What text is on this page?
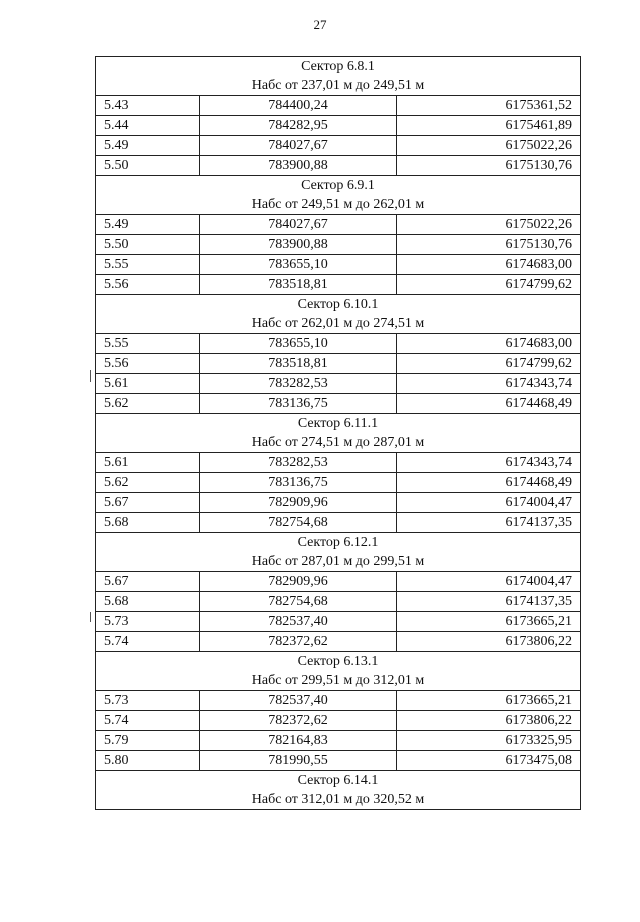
27
Сектор 6.8.1
Набс от 237,01 м до 249,51 м		

5.43	784400,24	6175361,52
5.44	784282,95	6175461,89
5.49	784027,67	6175022,26
5.50	783900,88	6175130,76

Сектор 6.9.1
Набс от 249,51 м до 262,01 м		

5.49	784027,67	6175022,26
5.50	783900,88	6175130,76
5.55	783655,10	6174683,00
5.56	783518,81	6174799,62

Сектор 6.10.1
Набс от 262,01 м до 274,51 м		

5.55	783655,10	6174683,00
5.56	783518,81	6174799,62
5.61	783282,53	6174343,74
5.62	783136,75	6174468,49

Сектор 6.11.1
Набс от 274,51 м до 287,01 м		

5.61	783282,53	6174343,74
5.62	783136,75	6174468,49
5.67	782909,96	6174004,47
5.68	782754,68	6174137,35

Сектор 6.12.1
Набс от 287,01 м до 299,51 м		

5.67	782909,96	6174004,47
5.68	782754,68	6174137,35
5.73	782537,40	6173665,21
5.74	782372,62	6173806,22

Сектор 6.13.1
Набс от 299,51 м до 312,01 м		

5.73	782537,40	6173665,21
5.74	782372,62	6173806,22
5.79	782164,83	6173325,95
5.80	781990,55	6173475,08

Сектор 6.14.1
Набс от 312,01 м до 320,52 м		
